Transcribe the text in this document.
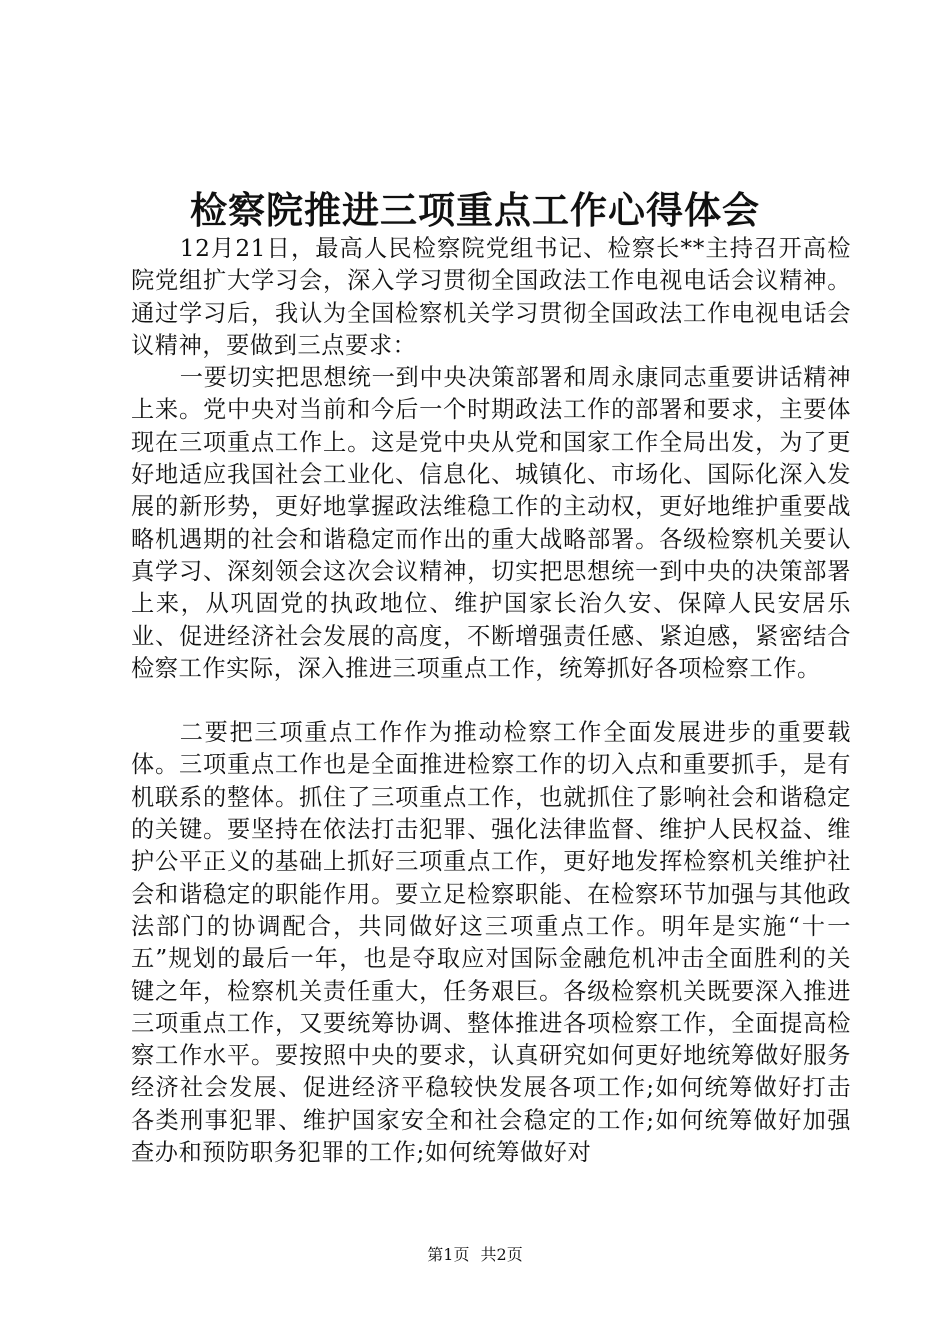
检察院推进三项重点工作心得体会

12月21日，最高人民检察院党组书记、检察长**主持召开高检院党组扩大学习会，深入学习贯彻全国政法工作电视电话会议精神。通过学习后，我认为全国检察机关学习贯彻全国政法工作电视电话会议精神，要做到三点要求：

一要切实把思想统一到中央决策部署和周永康同志重要讲话精神上来。党中央对当前和今后一个时期政法工作的部署和要求，主要体现在三项重点工作上。这是党中央从党和国家工作全局出发，为了更好地适应我国社会工业化、信息化、城镇化、市场化、国际化深入发展的新形势，更好地掌握政法维稳工作的主动权，更好地维护重要战略机遇期的社会和谐稳定而作出的重大战略部署。各级检察机关要认真学习、深刻领会这次会议精神，切实把思想统一到中央的决策部署上来，从巩固党的执政地位、维护国家长治久安、保障人民安居乐业、促进经济社会发展的高度，不断增强责任感、紧迫感，紧密结合检察工作实际，深入推进三项重点工作，统筹抓好各项检察工作。

二要把三项重点工作作为推动检察工作全面发展进步的重要载体。三项重点工作也是全面推进检察工作的切入点和重要抓手，是有机联系的整体。抓住了三项重点工作，也就抓住了影响社会和谐稳定的关键。要坚持在依法打击犯罪、强化法律监督、维护人民权益、维护公平正义的基础上抓好三项重点工作，更好地发挥检察机关维护社会和谐稳定的职能作用。要立足检察职能、在检察环节加强与其他政法部门的协调配合，共同做好这三项重点工作。明年是实施“十一五”规划的最后一年，也是夺取应对国际金融危机冲击全面胜利的关键之年，检察机关责任重大，任务艰巨。各级检察机关既要深入推进三项重点工作，又要统筹协调、整体推进各项检察工作，全面提高检察工作水平。要按照中央的要求，认真研究如何更好地统筹做好服务经济社会发展、促进经济平稳较快发展各项工作;如何统筹做好打击各类刑事犯罪、维护国家安全和社会稳定的工作;如何统筹做好加强查办和预防职务犯罪的工作;如何统筹做好对

第1页 共2页
